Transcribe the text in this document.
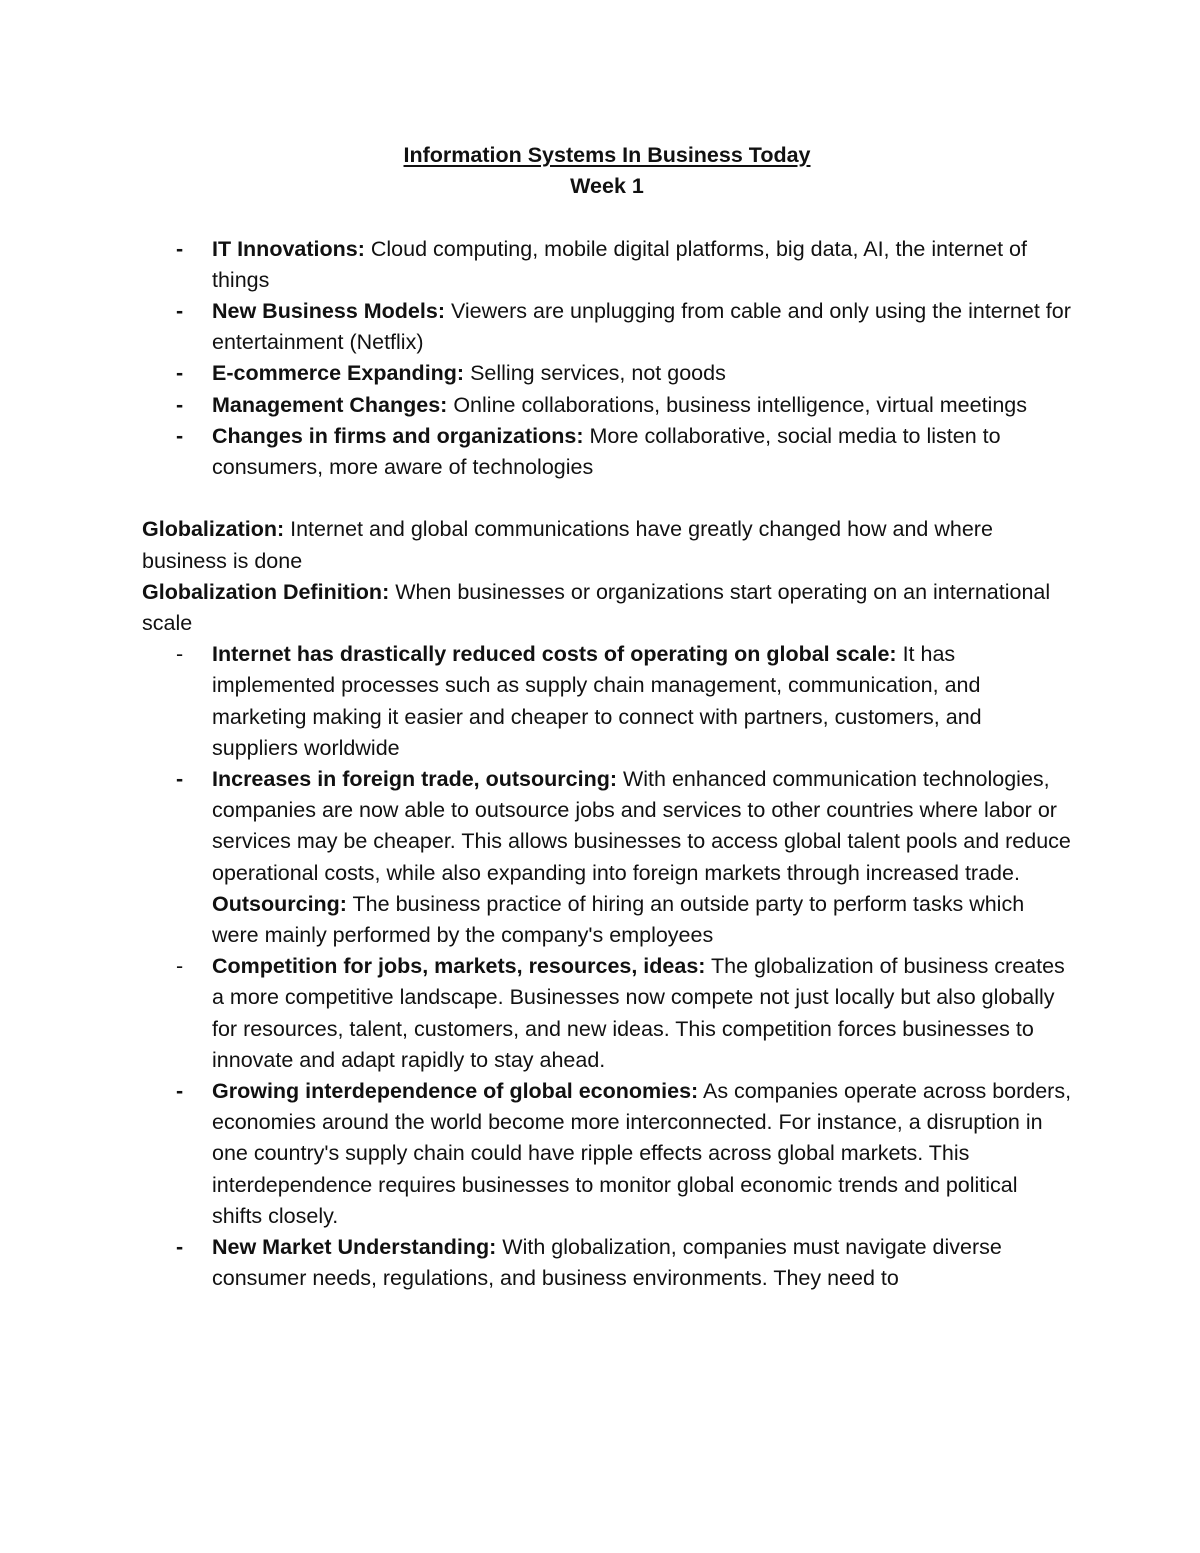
Information Systems In Business Today

Week 1

- IT Innovations: Cloud computing, mobile digital platforms, big data, AI, the internet of things
- New Business Models: Viewers are unplugging from cable and only using the internet for entertainment (Netflix)
- E-commerce Expanding: Selling services, not goods
- Management Changes: Online collaborations, business intelligence, virtual meetings
- Changes in firms and organizations: More collaborative, social media to listen to consumers, more aware of technologies

Globalization: Internet and global communications have greatly changed how and where business is done

Globalization Definition: When businesses or organizations start operating on an international scale

- Internet has drastically reduced costs of operating on global scale: It has implemented processes such as supply chain management, communication, and marketing making it easier and cheaper to connect with partners, customers, and suppliers worldwide
- Increases in foreign trade, outsourcing: With enhanced communication technologies, companies are now able to outsource jobs and services to other countries where labor or services may be cheaper. This allows businesses to access global talent pools and reduce operational costs, while also expanding into foreign markets through increased trade.
Outsourcing: The business practice of hiring an outside party to perform tasks which were mainly performed by the company's employees
- Competition for jobs, markets, resources, ideas: The globalization of business creates a more competitive landscape. Businesses now compete not just locally but also globally for resources, talent, customers, and new ideas. This competition forces businesses to innovate and adapt rapidly to stay ahead.
- Growing interdependence of global economies: As companies operate across borders, economies around the world become more interconnected. For instance, a disruption in one country's supply chain could have ripple effects across global markets. This interdependence requires businesses to monitor global economic trends and political shifts closely.
- New Market Understanding: With globalization, companies must navigate diverse consumer needs, regulations, and business environments. They need to
